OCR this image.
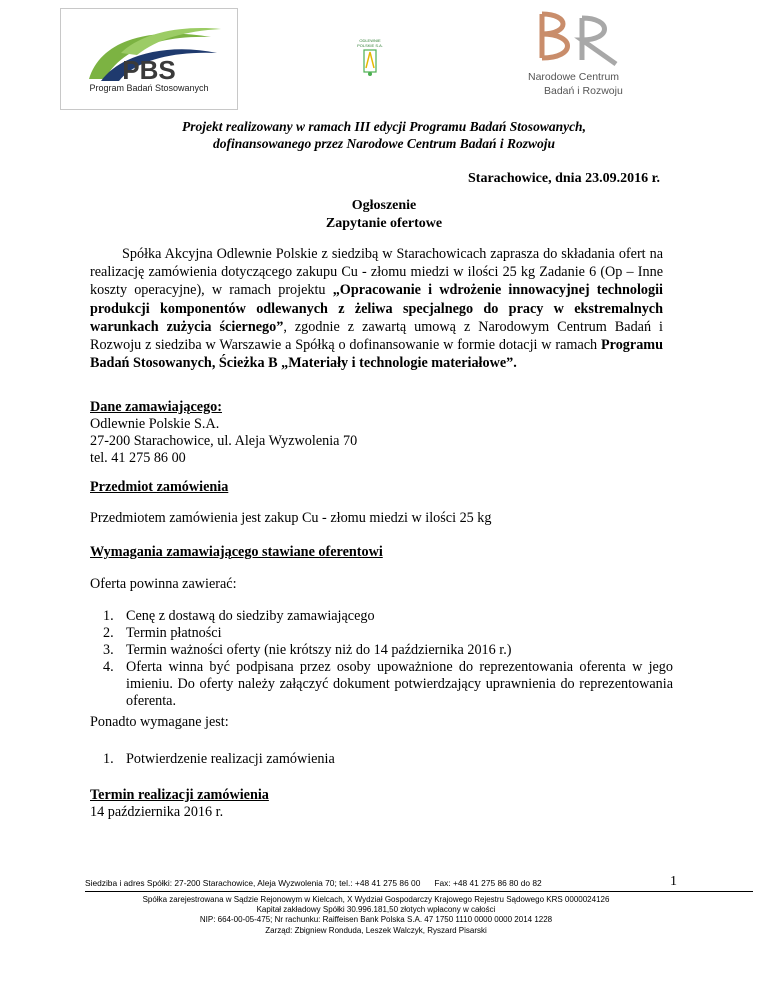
PBS
Program Badań Stosowanych
ODLEWNIE POLSKIE S.A.
Narodowe Centrum
Badań i Rozwoju
Projekt realizowany w ramach III edycji Programu Badań Stosowanych,
dofinansowanego przez Narodowe Centrum Badań i Rozwoju
Starachowice, dnia 23.09.2016 r.
Ogłoszenie
Zapytanie ofertowe
Spółka Akcyjna Odlewnie Polskie z siedzibą w Starachowicach zaprasza do składania ofert na realizację zamówienia dotyczącego zakupu Cu - złomu miedzi w ilości 25 kg Zadanie 6 (Op – Inne koszty operacyjne), w ramach projektu „Opracowanie i wdrożenie innowacyjnej technologii produkcji komponentów odlewanych z żeliwa specjalnego do pracy w ekstremalnych warunkach zużycia ściernego”, zgodnie z zawartą umową z Narodowym Centrum Badań i Rozwoju z siedziba w Warszawie a Spółką o dofinansowanie w formie dotacji w ramach Programu Badań Stosowanych, Ścieżka B „Materiały i technologie materiałowe”.
Dane zamawiającego:
Odlewnie Polskie S.A.
27-200 Starachowice, ul. Aleja Wyzwolenia 70
tel. 41 275 86 00
Przedmiot zamówienia
Przedmiotem zamówienia jest zakup Cu - złomu miedzi w ilości 25 kg
Wymagania zamawiającego stawiane oferentowi
Oferta powinna zawierać:
1. Cenę z dostawą do siedziby zamawiającego
2. Termin płatności
3. Termin ważności oferty (nie krótszy niż do 14 października 2016 r.)
4. Oferta winna być podpisana przez osoby upoważnione do reprezentowania oferenta w jego imieniu. Do oferty należy załączyć dokument potwierdzający uprawnienia do reprezentowania oferenta.
Ponadto wymagane jest:
1. Potwierdzenie realizacji zamówienia
Termin realizacji zamówienia
14 października 2016 r.
Siedziba i adres Spółki: 27-200 Starachowice, Aleja Wyzwolenia 70; tel.: +48 41 275 86 00 Fax: +48 41 275 86 80 do 82	1
Spółka zarejestrowana w Sądzie Rejonowym w Kielcach, X Wydział Gospodarczy Krajowego Rejestru Sądowego KRS 0000024126
Kapitał zakładowy Spółki 30.996.181,50 złotych wpłacony w całości
NIP: 664-00-05-475; Nr rachunku: Raiffeisen Bank Polska S.A. 47 1750 1110 0000 0000 2014 1228
Zarząd: Zbigniew Ronduda, Leszek Walczyk, Ryszard Pisarski
